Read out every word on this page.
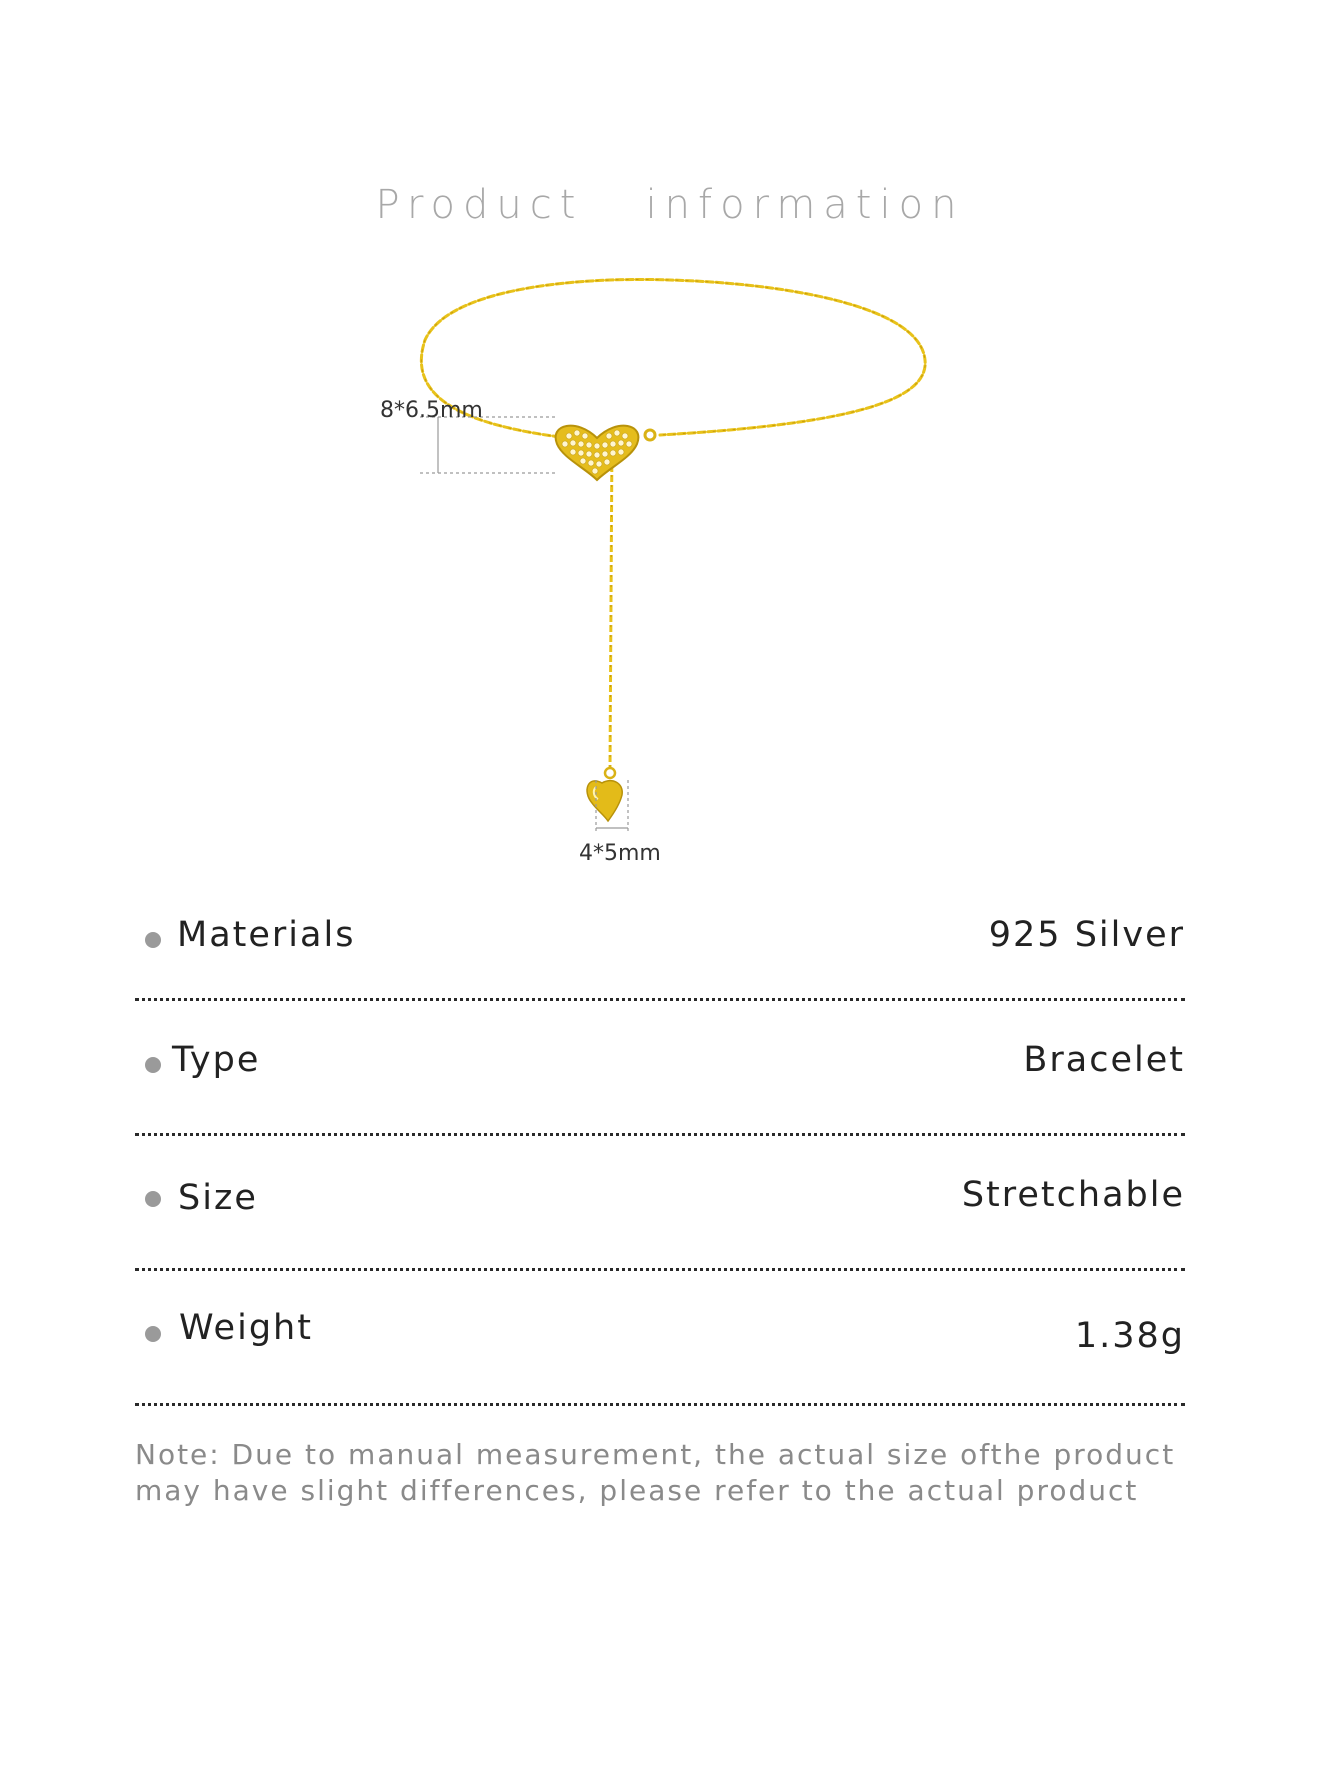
Product   information
8*6.5mm
4*5mm
Materials	925 Silver
Type	Bracelet
Size	Stretchable
Weight	1.38g
Note: Due to manual measurement, the actual size ofthe product
may have slight differences, please refer to the actual product
